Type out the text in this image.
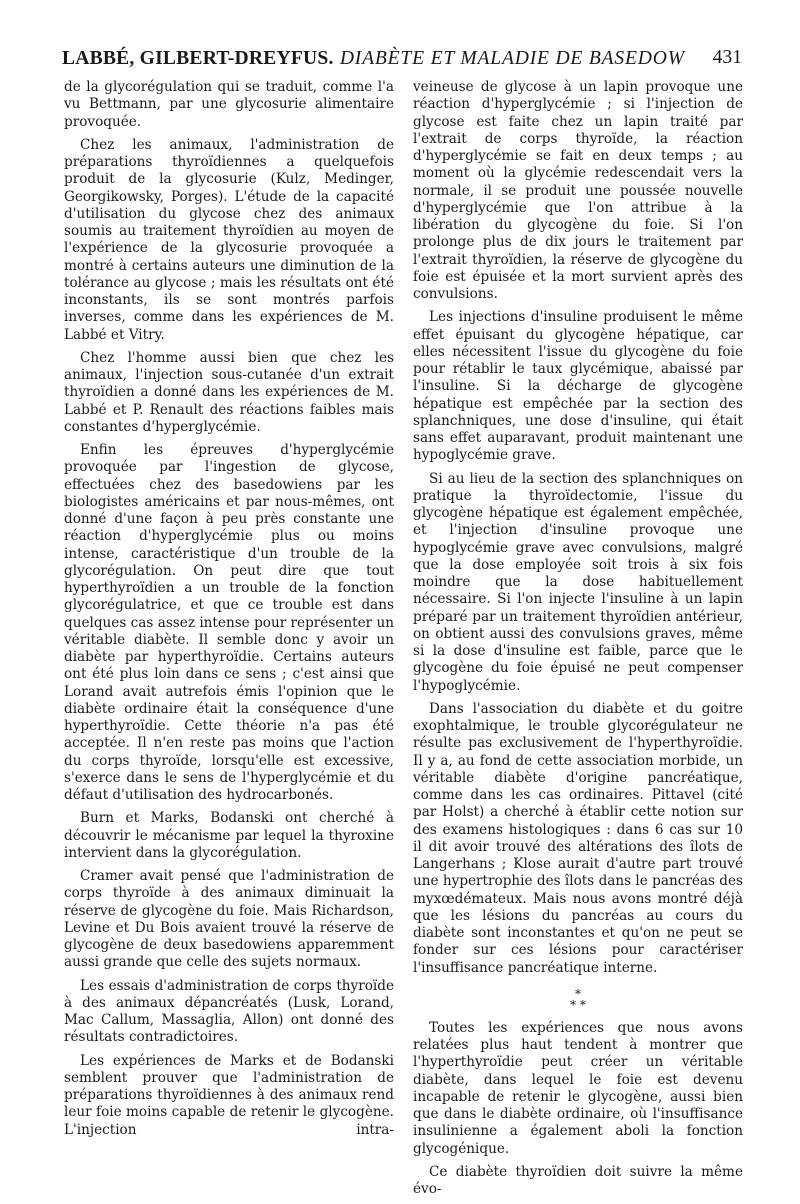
LABBÉ, GILBERT-DREYFUS. DIABÈTE ET MALADIE DE BASEDOW 431

de la glycorégulation qui se traduit, comme l'a vu Bettmann, par une glycosurie alimentaire provoquée.

Chez les animaux, l'administration de préparations thyroïdiennes a quelquefois produit de la glycosurie (Kulz, Medinger, Georgikowsky, Porges). L'étude de la capacité d'utilisation du glycose chez des animaux soumis au traitement thyroïdien au moyen de l'expérience de la glycosurie provoquée a montré à certains auteurs une diminution de la tolérance au glycose ; mais les résultats ont été inconstants, ils se sont montrés parfois inverses, comme dans les expériences de M. Labbé et Vitry.

Chez l'homme aussi bien que chez les animaux, l'injection sous-cutanée d'un extrait thyroïdien a donné dans les expériences de M. Labbé et P. Renault des réactions faibles mais constantes d'hyperglycémie.

Enfin les épreuves d'hyperglycémie provoquée par l'ingestion de glycose, effectuées chez des basedowiens par les biologistes américains et par nous-mêmes, ont donné d'une façon à peu près constante une réaction d'hyperglycémie plus ou moins intense, caractéristique d'un trouble de la glycorégulation. On peut dire que tout hyperthyroïdien a un trouble de la fonction glycorégulatrice, et que ce trouble est dans quelques cas assez intense pour représenter un véritable diabète. Il semble donc y avoir un diabète par hyperthyroïdie. Certains auteurs ont été plus loin dans ce sens ; c'est ainsi que Lorand avait autrefois émis l'opinion que le diabète ordinaire était la conséquence d'une hyperthyroïdie. Cette théorie n'a pas été acceptée. Il n'en reste pas moins que l'action du corps thyroïde, lorsqu'elle est excessive, s'exerce dans le sens de l'hyperglycémie et du défaut d'utilisation des hydrocarbonés.

Burn et Marks, Bodanski ont cherché à découvrir le mécanisme par lequel la thyroxine intervient dans la glycorégulation.

Cramer avait pensé que l'administration de corps thyroïde à des animaux diminuait la réserve de glycogène du foie. Mais Richardson, Levine et Du Bois avaient trouvé la réserve de glycogène de deux basedowiens apparemment aussi grande que celle des sujets normaux.

Les essais d'administration de corps thyroïde à des animaux dépancréatés (Lusk, Lorand, Mac Callum, Massaglia, Allon) ont donné des résultats contradictoires.

Les expériences de Marks et de Bodanski semblent prouver que l'administration de préparations thyroïdiennes à des animaux rend leur foie moins capable de retenir le glycogène. L'injection intra-

veineuse de glycose à un lapin provoque une réaction d'hyperglycémie ; si l'injection de glycose est faite chez un lapin traité par l'extrait de corps thyroïde, la réaction d'hyperglycémie se fait en deux temps ; au moment où la glycémie redescendait vers la normale, il se produit une poussée nouvelle d'hyperglycémie que l'on attribue à la libération du glycogène du foie. Si l'on prolonge plus de dix jours le traitement par l'extrait thyroïdien, la réserve de glycogène du foie est épuisée et la mort survient après des convulsions.

Les injections d'insuline produisent le même effet épuisant du glycogène hépatique, car elles nécessitent l'issue du glycogène du foie pour rétablir le taux glycémique, abaissé par l'insuline. Si la décharge de glycogène hépatique est empêchée par la section des splanchniques, une dose d'insuline, qui était sans effet auparavant, produit maintenant une hypoglycémie grave.

Si au lieu de la section des splanchniques on pratique la thyroïdectomie, l'issue du glycogène hépatique est également empêchée, et l'injection d'insuline provoque une hypoglycémie grave avec convulsions, malgré que la dose employée soit trois à six fois moindre que la dose habituellement nécessaire. Si l'on injecte l'insuline à un lapin préparé par un traitement thyroïdien antérieur, on obtient aussi des convulsions graves, même si la dose d'insuline est faible, parce que le glycogène du foie épuisé ne peut compenser l'hypoglycémie.

Dans l'association du diabète et du goitre exophtalmique, le trouble glycorégulateur ne résulte pas exclusivement de l'hyperthyroïdie. Il y a, au fond de cette association morbide, un véritable diabète d'origine pancréatique, comme dans les cas ordinaires. Pittavel (cité par Holst) a cherché à établir cette notion sur des examens histologiques : dans 6 cas sur 10 il dit avoir trouvé des altérations des îlots de Langerhans ; Klose aurait d'autre part trouvé une hypertrophie des îlots dans le pancréas des myxœdémateux. Mais nous avons montré déjà que les lésions du pancréas au cours du diabète sont inconstantes et qu'on ne peut se fonder sur ces lésions pour caractériser l'insuffisance pancréatique interne.

*
* *

Toutes les expériences que nous avons relatées plus haut tendent à montrer que l'hyperthyroïdie peut créer un véritable diabète, dans lequel le foie est devenu incapable de retenir le glycogène, aussi bien que dans le diabète ordinaire, où l'insuffisance insulinienne a également aboli la fonction glycogénique.

Ce diabète thyroïdien doit suivre la même évo-
